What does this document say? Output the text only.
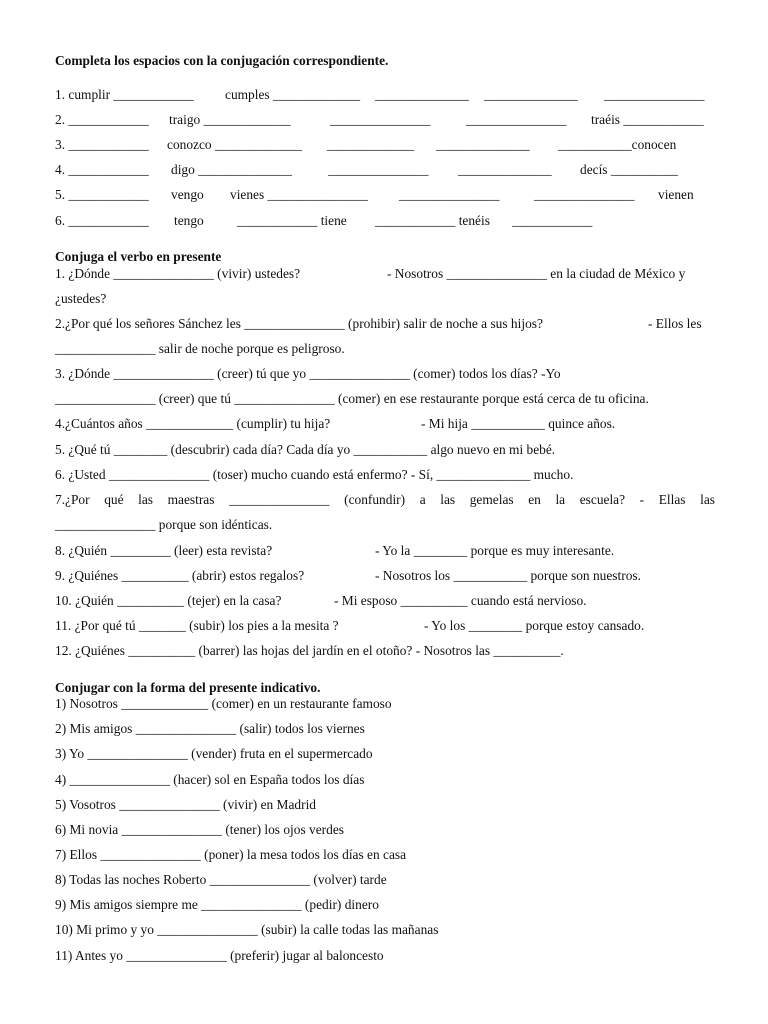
Completa los espacios con la conjugación correspondiente.
1. cumplir ____________ cumples _____________ ______________ ______________ _______________
2. ____________ traigo _____________	_______________	_______________ traéis ____________
3. ____________ conozco _____________ _____________ ______________ ___________conocen
4. ____________ digo ______________	_______________ ______________ decís __________
5. ____________ vengo vienes _______________ _______________	_______________ vienen
6. ____________ tengo ____________ tiene ____________ tenéis ____________
Conjuga el verbo en presente
1. ¿Dónde _______________ (vivir) ustedes?	- Nosotros _______________ en la ciudad de México y
¿ustedes?
2.¿Por qué los señores Sánchez les _______________ (prohibir) salir de noche a sus hijos?	- Ellos les
_______________ salir de noche porque es peligroso.
3. ¿Dónde _______________ (creer) tú que yo _______________ (comer) todos los días? -Yo
_______________ (creer) que tú _______________ (comer) en ese restaurante porque está cerca de tu oficina.
4.¿Cuántos años _____________ (cumplir) tu hija?	- Mi hija ___________ quince años.
5. ¿Qué tú ________ (descubrir) cada día? Cada día yo ___________ algo nuevo en mi bebé.
6. ¿Usted _______________ (toser) mucho cuando está enfermo? - Sí, ______________ mucho.
7.¿Por qué las maestras _______________ (confundir) a las gemelas en la escuela? - Ellas las
_______________ porque son idénticas.
8. ¿Quién _________ (leer) esta revista?	- Yo la ________ porque es muy interesante.
9. ¿Quiénes __________ (abrir) estos regalos?	- Nosotros los ___________ porque son nuestros.
10. ¿Quién __________ (tejer) en la casa?	- Mi esposo __________ cuando está nervioso.
11. ¿Por qué tú _______ (subir) los pies a la mesita ?	- Yo los ________ porque estoy cansado.
12. ¿Quiénes __________ (barrer) las hojas del jardín en el otoño? - Nosotros las __________.
Conjugar con la forma del presente indicativo.
1) Nosotros _____________ (comer) en un restaurante famoso
2) Mis amigos _______________ (salir) todos los viernes
3) Yo _______________ (vender) fruta en el supermercado
4) _______________ (hacer) sol en España todos los días
5) Vosotros _______________ (vivir) en Madrid
6) Mi novia _______________ (tener) los ojos verdes
7) Ellos _______________ (poner) la mesa todos los días en casa
8) Todas las noches Roberto _______________ (volver) tarde
9) Mis amigos siempre me _______________ (pedir) dinero
10) Mi primo y yo _______________ (subir) la calle todas las mañanas
11) Antes yo _______________ (preferir) jugar al baloncesto
